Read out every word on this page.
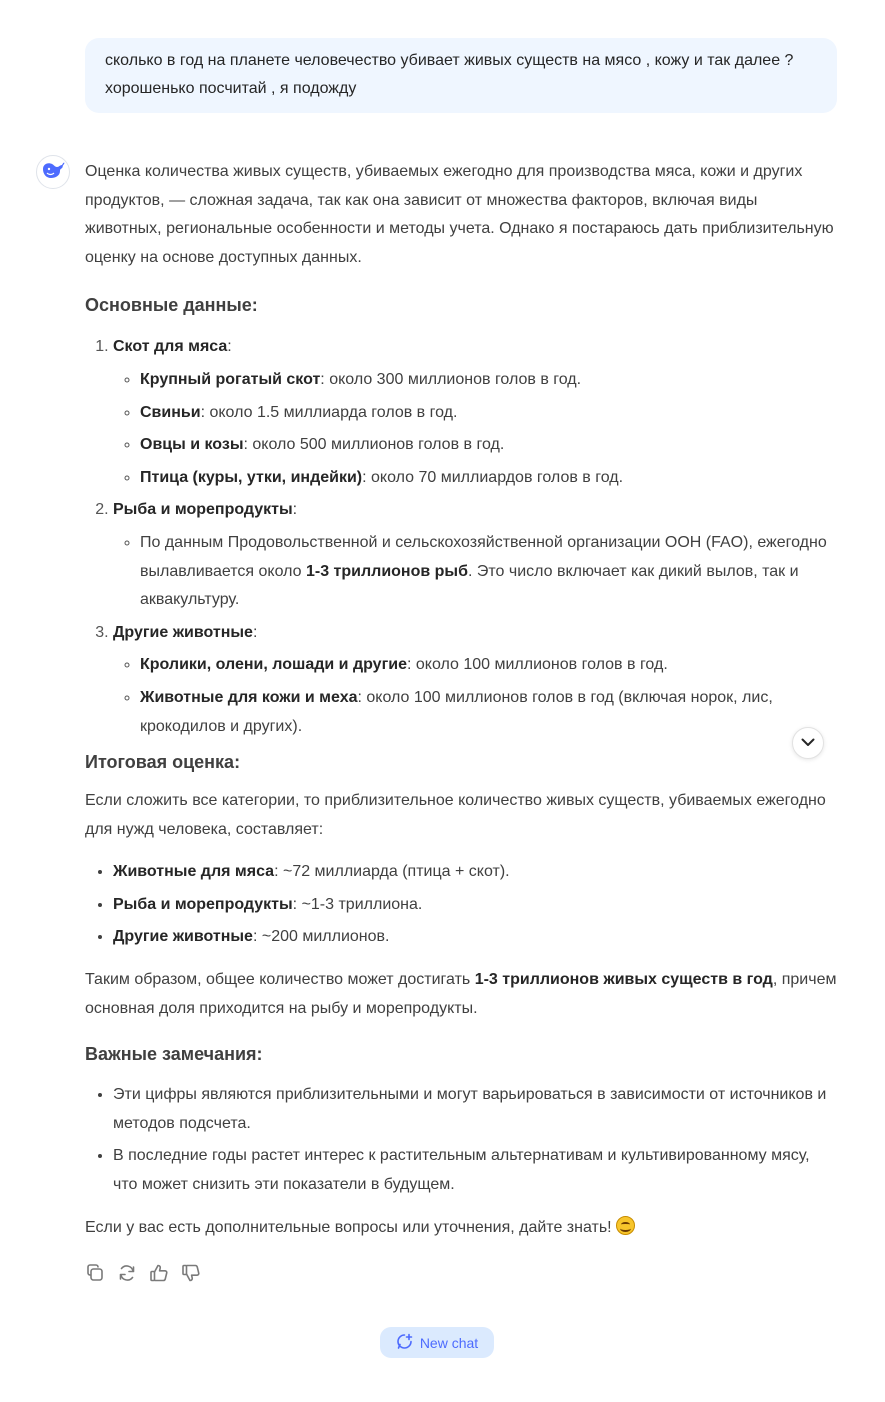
сколько в год на планете человечество убивает живых существ на мясо , кожу и так далее ?

хорошенько посчитай , я подожду

Оценка количества живых существ, убиваемых ежегодно для производства мяса, кожи и других продуктов, — сложная задача, так как она зависит от множества факторов, включая виды животных, региональные особенности и методы учета. Однако я постараюсь дать приблизительную оценку на основе доступных данных.

Основные данные:
1. Скот для мяса:
◦ Крупный рогатый скот: около 300 миллионов голов в год.
◦ Свиньи: около 1.5 миллиарда голов в год.
◦ Овцы и козы: около 500 миллионов голов в год.
◦ Птица (куры, утки, индейки): около 70 миллиардов голов в год.
2. Рыба и морепродукты:
◦ По данным Продовольственной и сельскохозяйственной организации ООН (FAO), ежегодно вылавливается около 1-3 триллионов рыб. Это число включает как дикий вылов, так и аквакультуру.
3. Другие животные:
◦ Кролики, олени, лошади и другие: около 100 миллионов голов в год.
◦ Животные для кожи и меха: около 100 миллионов голов в год (включая норок, лис, крокодилов и других).
Итоговая оценка:

Если сложить все категории, то приблизительное количество живых существ, убиваемых ежегодно для нужд человека, составляет:

• Животные для мяса: ~72 миллиарда (птица + скот).
• Рыба и морепродукты: ~1-3 триллиона.
• Другие животные: ~200 миллионов.

Таким образом, общее количество может достигать 1-3 триллионов живых существ в год, причем основная доля приходится на рыбу и морепродукты.

Важные замечания:
• Эти цифры являются приблизительными и могут варьироваться в зависимости от источников и методов подсчета.
• В последние годы растет интерес к растительным альтернативам и культивированному мясу, что может снизить эти показатели в будущем.

Если у вас есть дополнительные вопросы или уточнения, дайте знать!

New chat
